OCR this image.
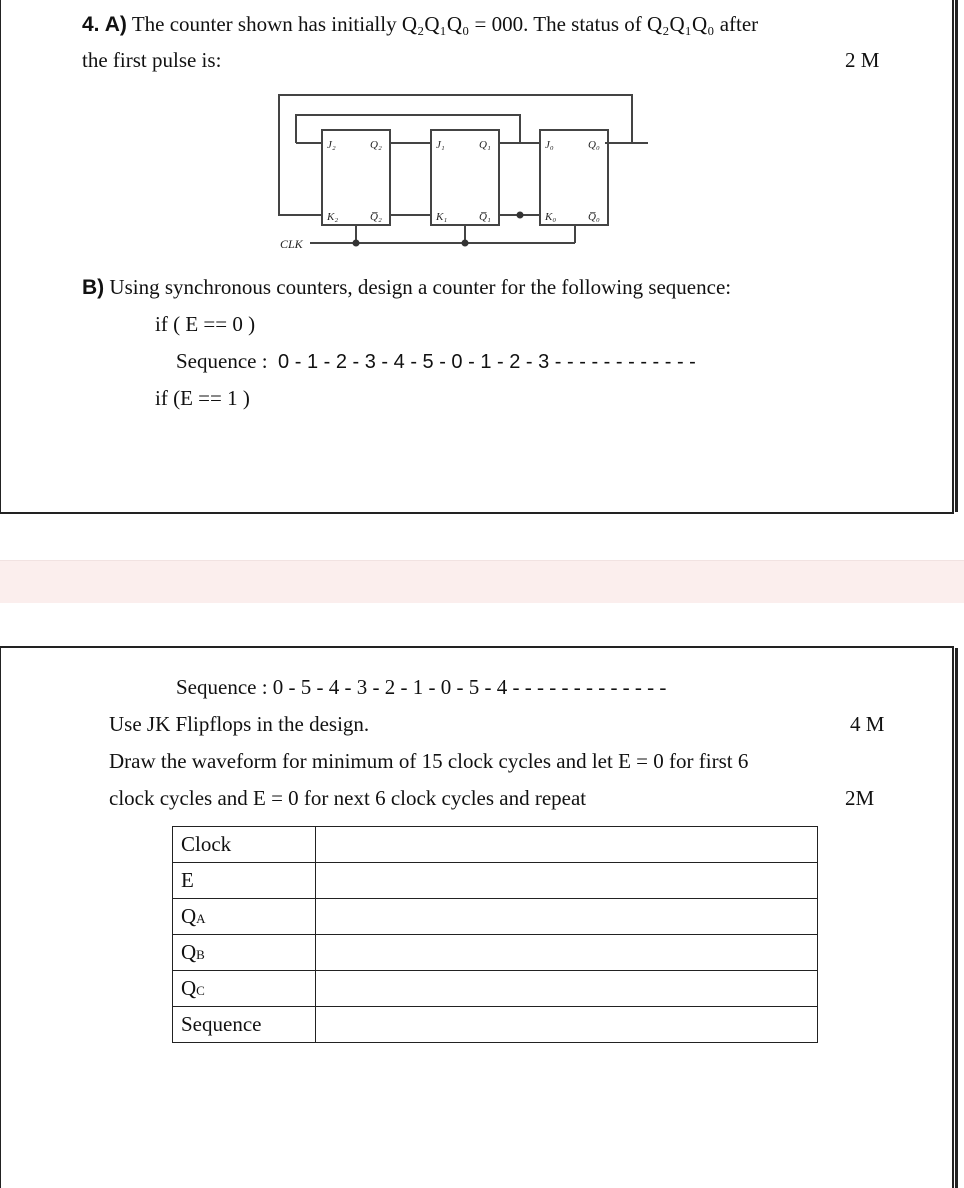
4. A) The counter shown has initially Q₂Q₁Q₀ = 000. The status of Q₂Q₁Q₀ after
the first pulse is:	2 M
J₂	Q₂
K₂	Q̅₂
J₁	Q₁
K₁	Q̅₁
J₀	Q₀
K₀	Q̅₀
CLK
B) Using synchronous counters, design a counter for the following sequence:
if ( E == 0 )
Sequence : 0 - 1 - 2 - 3 - 4 - 5 - 0 - 1 - 2 - 3 - - - - - - - - - - - -
if (E == 1 )
Sequence : 0 - 5 - 4 - 3 - 2 - 1 - 0 - 5 - 4 - - - - - - - - - - - - -
Use JK Flipflops in the design.	4 M
Draw the waveform for minimum of 15 clock cycles and let E = 0 for first 6
clock cycles and E = 0 for next 6 clock cycles and repeat	2M
Clock	
E	
QA	
QB	
QC	
Sequence	
